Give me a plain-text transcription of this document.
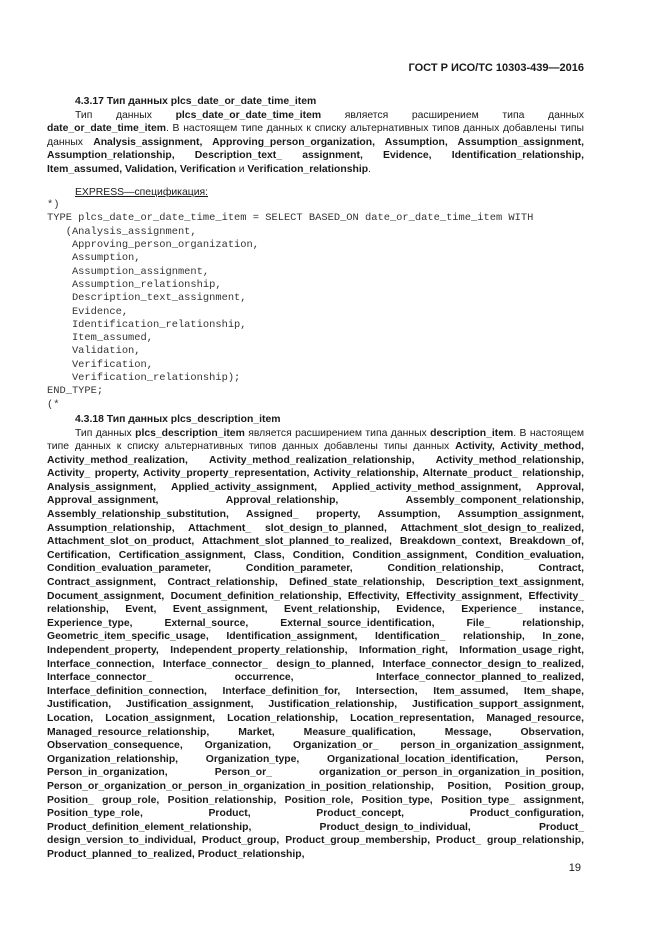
ГОСТ Р ИСО/ТС 10303-439—2016
4.3.17 Тип данных plcs_date_or_date_time_item

Тип данных plcs_date_or_date_time_item является расширением типа данных date_or_date_time_item. В настоящем типе данных к списку альтернативных типов данных добавлены типы данных Analysis_assignment, Approving_person_organization, Assumption, Assumption_assignment, Assumption_relationship, Description_text_ assignment, Evidence, Identification_relationship, Item_assumed, Validation, Verification и Verification_relationship.

EXPRESS—спецификация:
*)
TYPE plcs_date_or_date_time_item = SELECT BASED_ON date_or_date_time_item WITH
(Analysis_assignment,
Approving_person_organization,
Assumption,
Assumption_assignment,
Assumption_relationship,
Description_text_assignment,
Evidence,
Identification_relationship,
Item_assumed,
Validation,
Verification,
Verification_relationship);
END_TYPE;
(*
4.3.18 Тип данных plcs_description_item

Тип данных plcs_description_item является расширением типа данных description_item. В настоящем типе данных к списку альтернативных типов данных добавлены типы данных Activity, Activity_method, Activity_method_realization, Activity_method_realization_relationship, Activity_method_relationship, Activity_ property, Activity_property_representation, Activity_relationship, Alternate_product_ relationship, Analysis_assignment, Applied_activity_assignment, Applied_activity_method_assignment, Approval, Approval_assignment, Approval_relationship, Assembly_component_relationship, Assembly_relationship_substitution, Assigned_ property, Assumption, Assumption_assignment, Assumption_relationship, Attachment_ slot_design_to_planned, Attachment_slot_design_to_realized, Attachment_slot_on_product, Attachment_slot_planned_to_realized, Breakdown_context, Breakdown_of, Certification, Certification_assignment, Class, Condition, Condition_assignment, Condition_evaluation, Condition_evaluation_parameter, Condition_parameter, Condition_relationship, Contract, Contract_assignment, Contract_relationship, Defined_state_relationship, Description_text_assignment, Document_assignment, Document_definition_relationship, Effectivity, Effectivity_assignment, Effectivity_ relationship, Event, Event_assignment, Event_relationship, Evidence, Experience_ instance, Experience_type, External_source, External_source_identification, File_ relationship, Geometric_item_specific_usage, Identification_assignment, Identification_ relationship, In_zone, Independent_property, Independent_property_relationship, Information_right, Information_usage_right, Interface_connection, Interface_connector_ design_to_planned, Interface_connector_design_to_realized, Interface_connector_ occurrence, Interface_connector_planned_to_realized, Interface_definition_connection, Interface_definition_for, Intersection, Item_assumed, Item_shape, Justification, Justification_assignment, Justification_relationship, Justification_support_assignment, Location, Location_assignment, Location_relationship, Location_representation, Managed_resource, Managed_resource_relationship, Market, Measure_qualification, Message, Observation, Observation_consequence, Organization, Organization_or_ person_in_organization_assignment, Organization_relationship, Organization_type, Organizational_location_identification, Person, Person_in_organization, Person_or_ organization_or_person_in_organization_in_position, Person_or_organization_or_person_in_organization_in_position_relationship, Position, Position_group, Position_ group_role, Position_relationship, Position_role, Position_type, Position_type_ assignment, Position_type_role, Product, Product_concept, Product_configuration, Product_definition_element_relationship, Product_design_to_individual, Product_ design_version_to_individual, Product_group, Product_group_membership, Product_ group_relationship, Product_planned_to_realized, Product_relationship,

19
